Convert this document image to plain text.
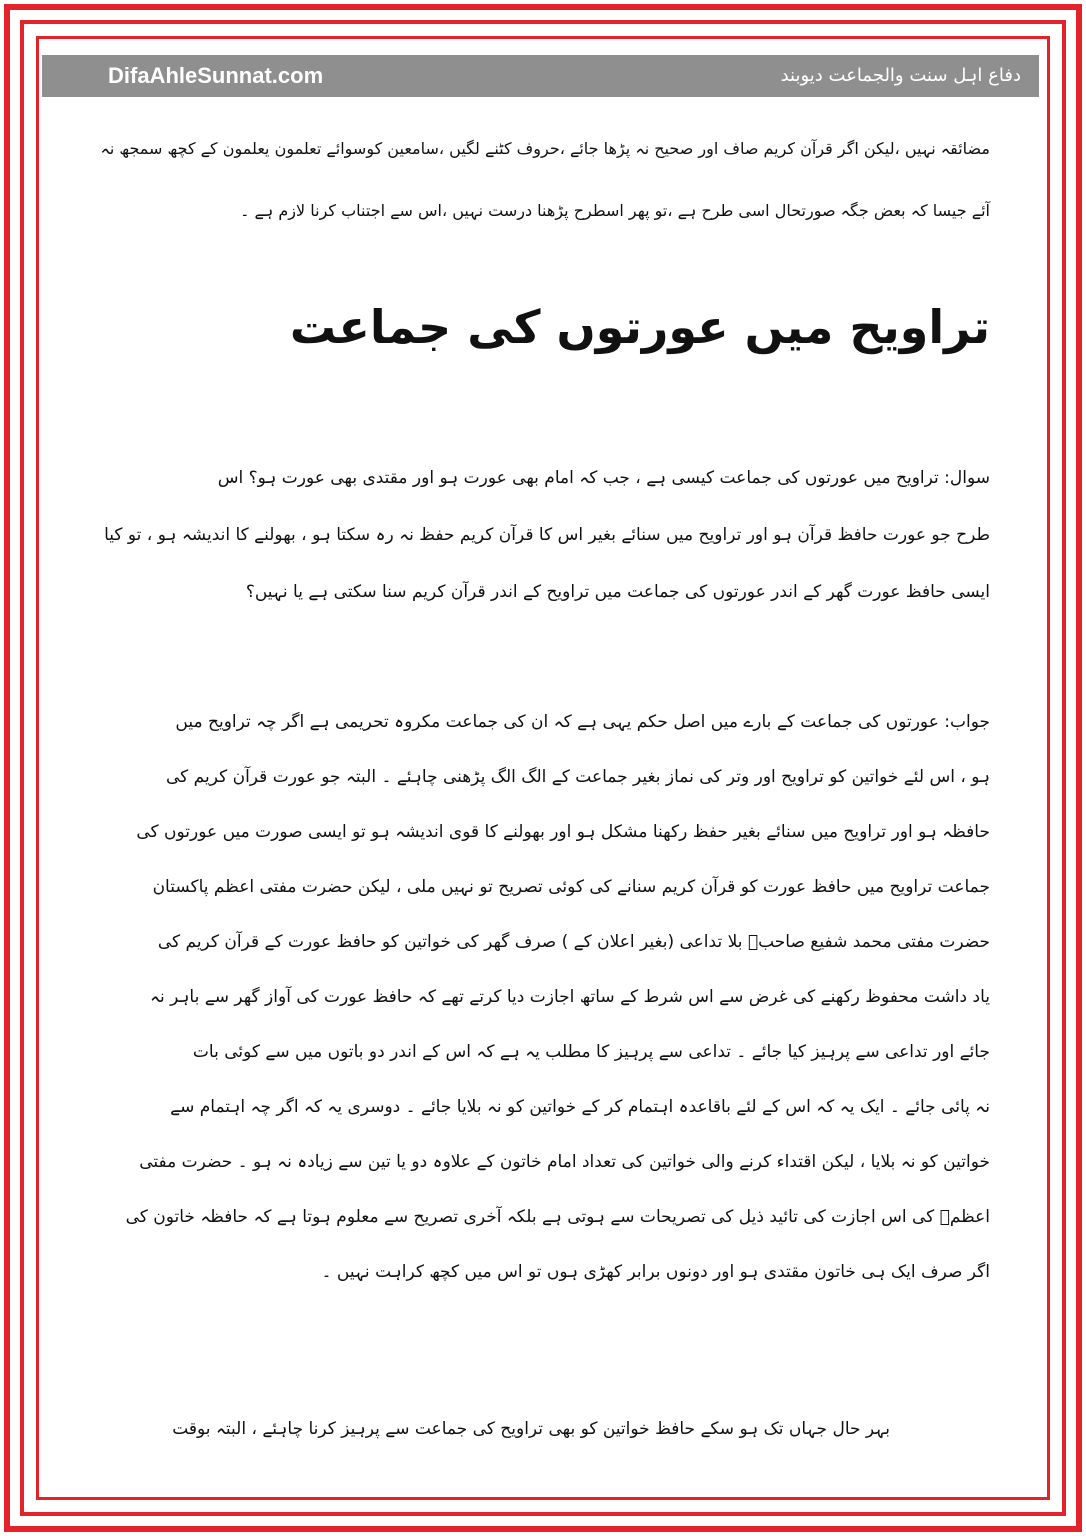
DifaAhleSunnat.com	دفاع اہل سنت والجماعت دیوبند

مضائقہ نہیں ،لیکن اگر قرآن کریم صاف اور صحیح نہ پڑھا جائے ،حروف کٹنے لگیں ،سامعین کوسوائے تعلمون یعلمون کے کچھ سمجھ نہ

آئے جیسا کہ بعض جگہ صورتحال اسی طرح ہے ،تو پھر اسطرح پڑھنا درست نہیں ،اس سے اجتناب کرنا لازم ہے ۔

تراویح میں عورتوں کی جماعت

سوال: تراویح میں عورتوں کی جماعت کیسی ہے ، جب کہ امام بھی عورت ہو اور مقتدی بھی عورت ہو؟ اس

طرح جو عورت حافظ قرآن ہو اور تراویح میں سنائے بغیر اس کا قرآن کریم حفظ نہ رہ سکتا ہو ، بھولنے کا اندیشہ ہو ، تو کیا

ایسی حافظ عورت گھر کے اندر عورتوں کی جماعت میں تراویح کے اندر قرآن کریم سنا سکتی ہے یا نہیں؟

جواب: عورتوں کی جماعت کے بارے میں اصل حکم یہی ہے کہ ان کی جماعت مکروہ تحریمی ہے اگر چہ تراویح میں

ہو ، اس لئے خواتین کو تراویح اور وتر کی نماز بغیر جماعت کے الگ الگ پڑھنی چاہئے ۔ البتہ جو عورت قرآن کریم کی

حافظہ ہو اور تراویح میں سنائے بغیر حفظ رکھنا مشکل ہو اور بھولنے کا قوی اندیشہ ہو تو ایسی صورت میں عورتوں کی

جماعت تراویح میں حافظ عورت کو قرآن کریم سنانے کی کوئی تصریح تو نہیں ملی ، لیکن حضرت مفتی اعظم پاکستان

حضرت مفتی محمد شفیع صاحبؒ بلا تداعی (بغیر اعلان کے ) صرف گھر کی خواتین کو حافظ عورت کے قرآن کریم کی

یاد داشت محفوظ رکھنے کی غرض سے اس شرط کے ساتھ اجازت دیا کرتے تھے کہ حافظ عورت کی آواز گھر سے باہر نہ

جائے اور تداعی سے پرہیز کیا جائے ۔ تداعی سے پرہیز کا مطلب یہ ہے کہ اس کے اندر دو باتوں میں سے کوئی بات

نہ پائی جائے ۔ ایک یہ کہ اس کے لئے باقاعدہ اہتمام کر کے خواتین کو نہ بلایا جائے ۔ دوسری یہ کہ اگر چہ اہتمام سے

خواتین کو نہ بلایا ، لیکن اقتداء کرنے والی خواتین کی تعداد امام خاتون کے علاوہ دو یا تین سے زیادہ نہ ہو ۔ حضرت مفتی

اعظمؒ کی اس اجازت کی تائید ذیل کی تصریحات سے ہوتی ہے بلکہ آخری تصریح سے معلوم ہوتا ہے کہ حافظہ خاتون کی

اگر صرف ایک ہی خاتون مقتدی ہو اور دونوں برابر کھڑی ہوں تو اس میں کچھ کراہت نہیں ۔

بہر حال جہاں تک ہو سکے حافظ خواتین کو بھی تراویح کی جماعت سے پرہیز کرنا چاہئے ، البتہ بوقت
